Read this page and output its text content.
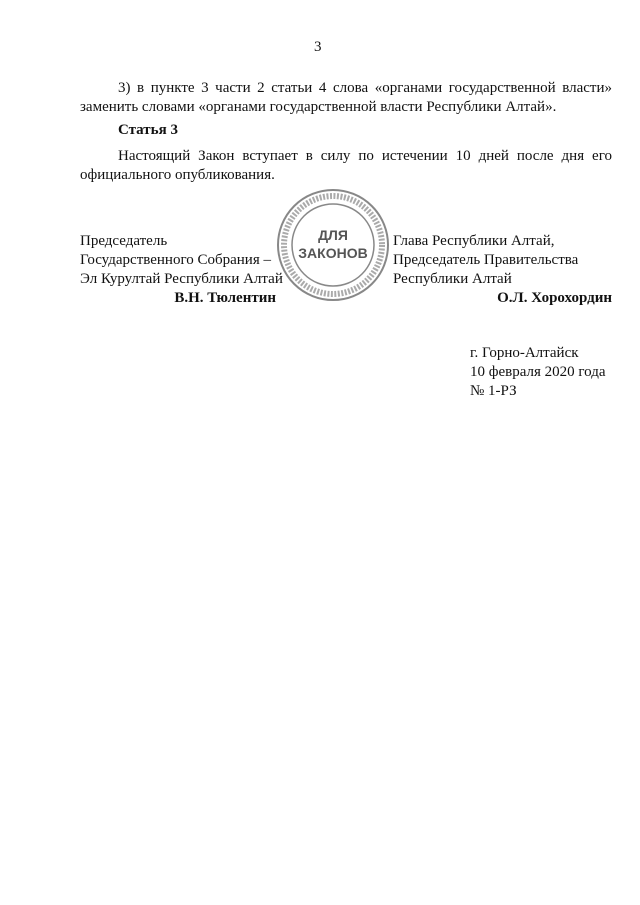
3
3) в пункте 3 части 2 статьи 4 слова «органами государственной власти»
заменить словами «органами государственной власти Республики Алтай».
Статья 3
Настоящий Закон вступает в силу по истечении 10 дней после дня его
официального опубликования.
Председатель
Государственного Собрания –
Эл Курултай Республики Алтай
В.Н. Тюлентин
ДЛЯ
ЗАКОНОВ
Глава Республики Алтай,
Председатель Правительства
Республики Алтай
О.Л. Хорохордин
г. Горно-Алтайск
10 февраля 2020 года
№ 1-РЗ
